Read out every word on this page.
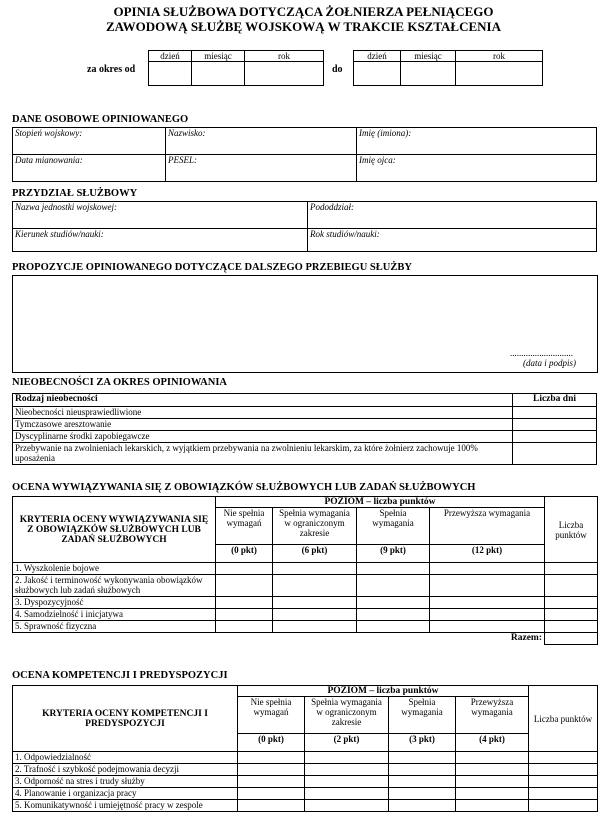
OPINIA SŁUŻBOWA DOTYCZĄCA ŻOŁNIERZA PEŁNIĄCEGO
ZAWODOWĄ SŁUŻBĘ WOJSKOWĄ W TRAKCIE KSZTAŁCENIA
za okres od
dzień	miesiąc	rok

do
dzień	miesiąc	rok

DANE OSOBOWE OPINIOWANEGO
Stopień wojskowy:	Nazwisko:	Imię (imiona):
Data mianowania:	PESEL:	Imię ojca:
PRZYDZIAŁ SŁUŻBOWY
Nazwa jednostki wojskowej:	Pododdział:
Kierunek studiów/nauki:	Rok studiów/nauki:
PROPOZYCJE OPINIOWANEGO DOTYCZĄCE DALSZEGO PRZEBIEGU SŁUŻBY
............................
(data i podpis)
NIEOBECNOŚCI ZA OKRES OPINIOWANIA
Rodzaj nieobecności	Liczba dni
Nieobecności nieusprawiedliwione	
Tymczasowe aresztowanie	
Dyscyplinarne środki zapobiegawcze	
Przebywanie na zwolnieniach lekarskich, z wyjątkiem przebywania na zwolnieniu lekarskim, za które żołnierz zachowuje 100% uposażenia	
OCENA WYWIĄZYWANIA SIĘ Z OBOWIĄZKÓW SŁUŻBOWYCH LUB ZADAŃ SŁUŻBOWYCH
KRYTERIA OCENY WYWIĄZYWANIA SIĘ Z OBOWIĄZKÓW SŁUŻBOWYCH LUB ZADAŃ SŁUŻBOWYCH	POZIOM – liczba punktów				Liczba punktów
	Nie spełnia wymagań	Spełnia wymagania w ograniczonym zakresie	Spełnia wymagania	Przewyższa wymagania	
	(0 pkt)	(6 pkt)	(9 pkt)	(12 pkt)	
1. Wyszkolenie bojowe					
2. Jakość i terminowość wykonywania obowiązków służbowych lub zadań służbowych					
3. Dyspozycyjność					
4. Samodzielność i inicjatywa					
5. Sprawność fizyczna					
Razem:					
OCENA KOMPETENCJI I PREDYSPOZYCJI
KRYTERIA OCENY KOMPETENCJI I PREDYSPOZYCJI	POZIOM – liczba punktów				Liczba punktów
	Nie spełnia wymagań	Spełnia wymagania w ograniczonym zakresie	Spełnia wymagania	Przewyższa wymagania	
	(0 pkt)	(2 pkt)	(3 pkt)	(4 pkt)	
1. Odpowiedzialność					
2. Trafność i szybkość podejmowania decyzji					
3. Odporność na stres i trudy służby					
4. Planowanie i organizacja pracy					
5. Komunikatywność i umiejętność pracy w zespole					
